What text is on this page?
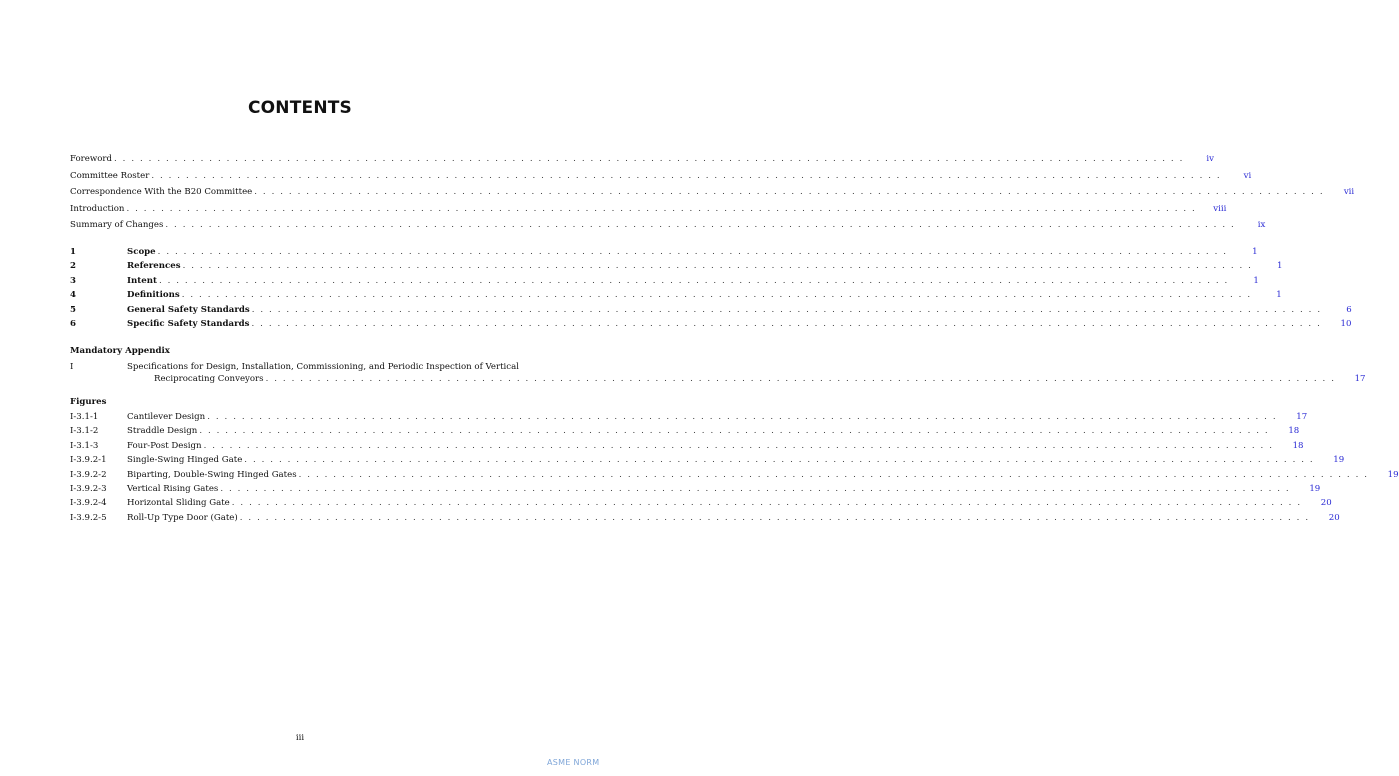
CONTENTS
Foreword . . .	iv
Committee Roster . . .	vi
Correspondence With the B20 Committee . . .	vii
Introduction . . .	viii
Summary of Changes . . .	ix
1	Scope . . .	1
2	References . . .	1
3	Intent . . .	1
4	Definitions . . .	1
5	General Safety Standards . . .	6
6	Specific Safety Standards . . .	10
Mandatory Appendix
I	Specifications for Design, Installation, Commissioning, and Periodic Inspection of Vertical
Reciprocating Conveyors . . .	17
Figures
I-3.1-1	Cantilever Design . . .	17
I-3.1-2	Straddle Design . . .	18
I-3.1-3	Four-Post Design . . .	18
I-3.9.2-1	Single-Swing Hinged Gate . . .	19
I-3.9.2-2	Biparting, Double-Swing Hinged Gates . . .	19
I-3.9.2-3	Vertical Rising Gates . . .	19
I-3.9.2-4	Horizontal Sliding Gate . . .	20
I-3.9.2-5	Roll-Up Type Door (Gate) . . .	20
iii
ASME NORM
